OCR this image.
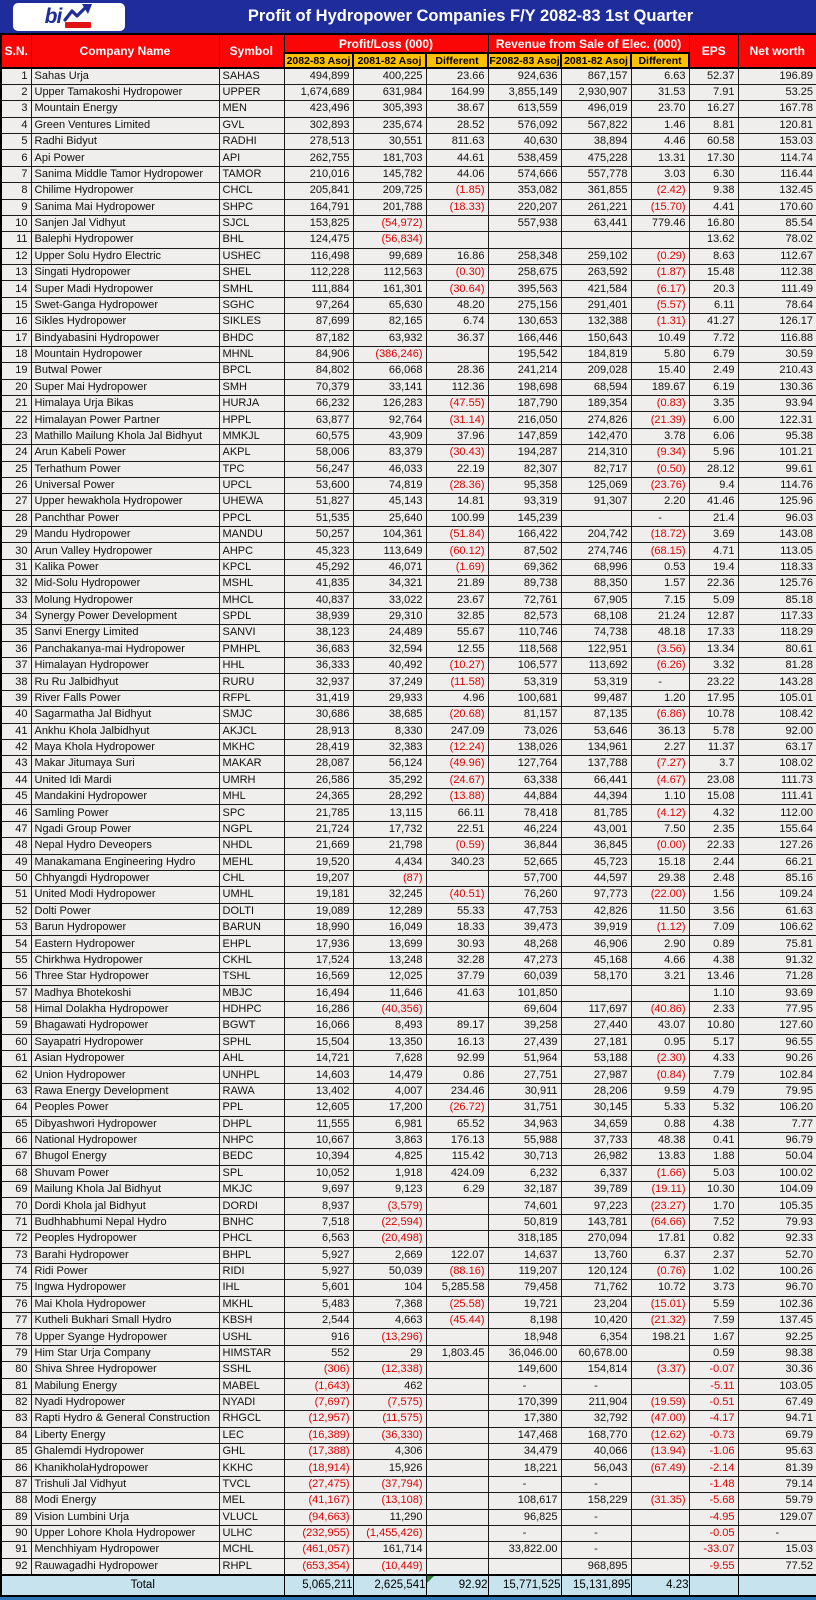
bi	Profit of Hydropower Companies F/Y 2082-83 1st Quarter
S.N.	Company Name	Symbol	Profit/Loss (000)			Revenue from Sale of Elec. (000)			EPS	Net worth
			2082-83 Asoj	2081-82 Asoj	Different	F2082-83 Asoj	2081-82 Asoj	Different		
1	Sahas Urja	SAHAS	494,899	400,225	23.66	924,636	867,157	6.63	52.37	196.89
2	Upper Tamakoshi Hydropower	UPPER	1,674,689	631,984	164.99	3,855,149	2,930,907	31.53	7.91	53.25
3	Mountain Energy	MEN	423,496	305,393	38.67	613,559	496,019	23.70	16.27	167.78
4	Green Ventures Limited	GVL	302,893	235,674	28.52	576,092	567,822	1.46	8.81	120.81
5	Radhi Bidyut	RADHI	278,513	30,551	811.63	40,630	38,894	4.46	60.58	153.03
6	Api Power	API	262,755	181,703	44.61	538,459	475,228	13.31	17.30	114.74
7	Sanima Middle Tamor Hydropower	TAMOR	210,016	145,782	44.06	574,666	557,778	3.03	6.30	116.44
8	Chilime Hydropower	CHCL	205,841	209,725	(1.85)	353,082	361,855	(2.42)	9.38	132.45
9	Sanima Mai Hydropower	SHPC	164,791	201,788	(18.33)	220,207	261,221	(15.70)	4.41	170.60
10	Sanjen Jal Vidhyut	SJCL	153,825	(54,972)		557,938	63,441	779.46	16.80	85.54
11	Balephi Hydropower	BHL	124,475	(56,834)					13.62	78.02
12	Upper Solu Hydro Electric	USHEC	116,498	99,689	16.86	258,348	259,102	(0.29)	8.63	112.67
13	Singati Hydropower	SHEL	112,228	112,563	(0.30)	258,675	263,592	(1.87)	15.48	112.38
14	Super Madi Hydropower	SMHL	111,884	161,301	(30.64)	395,563	421,584	(6.17)	20.3	111.49
15	Swet-Ganga Hydropower	SGHC	97,264	65,630	48.20	275,156	291,401	(5.57)	6.11	78.64
16	Sikles Hydropower	SIKLES	87,699	82,165	6.74	130,653	132,388	(1.31)	41.27	126.17
17	Bindyabasini Hydropower	BHDC	87,182	63,932	36.37	166,446	150,643	10.49	7.72	116.88
18	Mountain Hydropower	MHNL	84,906	(386,246)		195,542	184,819	5.80	6.79	30.59
19	Butwal Power	BPCL	84,802	66,068	28.36	241,214	209,028	15.40	2.49	210.43
20	Super Mai Hydropower	SMH	70,379	33,141	112.36	198,698	68,594	189.67	6.19	130.36
21	Himalaya Urja Bikas	HURJA	66,232	126,283	(47.55)	187,790	189,354	(0.83)	3.35	93.94
22	Himalayan Power Partner	HPPL	63,877	92,764	(31.14)	216,050	274,826	(21.39)	6.00	122.31
23	Mathillo Mailung Khola Jal Bidhyut	MMKJL	60,575	43,909	37.96	147,859	142,470	3.78	6.06	95.38
24	Arun Kabeli Power	AKPL	58,006	83,379	(30.43)	194,287	214,310	(9.34)	5.96	101.21
25	Terhathum Power	TPC	56,247	46,033	22.19	82,307	82,717	(0.50)	28.12	99.61
26	Universal Power	UPCL	53,600	74,819	(28.36)	95,358	125,069	(23.76)	9.4	114.76
27	Upper hewakhola Hydropower	UHEWA	51,827	45,143	14.81	93,319	91,307	2.20	41.46	125.96
28	Panchthar Power	PPCL	51,535	25,640	100.99	145,239		-	21.4	96.03
29	Mandu Hydropower	MANDU	50,257	104,361	(51.84)	166,422	204,742	(18.72)	3.69	143.08
30	Arun Valley Hydropower	AHPC	45,323	113,649	(60.12)	87,502	274,746	(68.15)	4.71	113.05
31	Kalika Power	KPCL	45,292	46,071	(1.69)	69,362	68,996	0.53	19.4	118.33
32	Mid-Solu Hydropower	MSHL	41,835	34,321	21.89	89,738	88,350	1.57	22.36	125.76
33	Molung Hydropower	MHCL	40,837	33,022	23.67	72,761	67,905	7.15	5.09	85.18
34	Synergy Power Development	SPDL	38,939	29,310	32.85	82,573	68,108	21.24	12.87	117.33
35	Sanvi Energy Limited	SANVI	38,123	24,489	55.67	110,746	74,738	48.18	17.33	118.29
36	Panchakanya-mai Hydropower	PMHPL	36,683	32,594	12.55	118,568	122,951	(3.56)	13.34	80.61
37	Himalayan Hydropower	HHL	36,333	40,492	(10.27)	106,577	113,692	(6.26)	3.32	81.28
38	Ru Ru Jalbidhyut	RURU	32,937	37,249	(11.58)	53,319	53,319	-	23.22	143.28
39	River Falls Power	RFPL	31,419	29,933	4.96	100,681	99,487	1.20	17.95	105.01
40	Sagarmatha Jal Bidhyut	SMJC	30,686	38,685	(20.68)	81,157	87,135	(6.86)	10.78	108.42
41	Ankhu Khola Jalbidhyut	AKJCL	28,913	8,330	247.09	73,026	53,646	36.13	5.78	92.00
42	Maya Khola Hydropower	MKHC	28,419	32,383	(12.24)	138,026	134,961	2.27	11.37	63.17
43	Makar Jitumaya Suri	MAKAR	28,087	56,124	(49.96)	127,764	137,788	(7.27)	3.7	108.02
44	United Idi Mardi	UMRH	26,586	35,292	(24.67)	63,338	66,441	(4.67)	23.08	111.73
45	Mandakini Hydropower	MHL	24,365	28,292	(13.88)	44,884	44,394	1.10	15.08	111.41
46	Samling Power	SPC	21,785	13,115	66.11	78,418	81,785	(4.12)	4.32	112.00
47	Ngadi Group Power	NGPL	21,724	17,732	22.51	46,224	43,001	7.50	2.35	155.64
48	Nepal Hydro Deveopers	NHDL	21,669	21,798	(0.59)	36,844	36,845	(0.00)	22.33	127.26
49	Manakamana Engineering Hydro	MEHL	19,520	4,434	340.23	52,665	45,723	15.18	2.44	66.21
50	Chhyangdi Hydropower	CHL	19,207	(87)		57,700	44,597	29.38	2.48	85.16
51	United Modi Hydropower	UMHL	19,181	32,245	(40.51)	76,260	97,773	(22.00)	1.56	109.24
52	Dolti Power	DOLTI	19,089	12,289	55.33	47,753	42,826	11.50	3.56	61.63
53	Barun Hydropower	BARUN	18,990	16,049	18.33	39,473	39,919	(1.12)	7.09	106.62
54	Eastern Hydropower	EHPL	17,936	13,699	30.93	48,268	46,906	2.90	0.89	75.81
55	Chirkhwa Hydropower	CKHL	17,524	13,248	32.28	47,273	45,168	4.66	4.38	91.32
56	Three Star Hydropower	TSHL	16,569	12,025	37.79	60,039	58,170	3.21	13.46	71.28
57	Madhya Bhotekoshi	MBJC	16,494	11,646	41.63	101,850			1.10	93.69
58	Himal Dolakha Hydropower	HDHPC	16,286	(40,356)		69,604	117,697	(40.86)	2.33	77.95
59	Bhagawati Hydropower	BGWT	16,066	8,493	89.17	39,258	27,440	43.07	10.80	127.60
60	Sayapatri Hydropower	SPHL	15,504	13,350	16.13	27,439	27,181	0.95	5.17	96.55
61	Asian Hydropower	AHL	14,721	7,628	92.99	51,964	53,188	(2.30)	4.33	90.26
62	Union Hydropower	UNHPL	14,603	14,479	0.86	27,751	27,987	(0.84)	7.79	102.84
63	Rawa Energy Development	RAWA	13,402	4,007	234.46	30,911	28,206	9.59	4.79	79.95
64	Peoples Power	PPL	12,605	17,200	(26.72)	31,751	30,145	5.33	5.32	106.20
65	Dibyashwori Hydropower	DHPL	11,555	6,981	65.52	34,963	34,659	0.88	4.38	7.77
66	National Hydropower	NHPC	10,667	3,863	176.13	55,988	37,733	48.38	0.41	96.79
67	Bhugol Energy	BEDC	10,394	4,825	115.42	30,713	26,982	13.83	1.88	50.04
68	Shuvam Power	SPL	10,052	1,918	424.09	6,232	6,337	(1.66)	5.03	100.02
69	Mailung Khola Jal Bidhyut	MKJC	9,697	9,123	6.29	32,187	39,789	(19.11)	10.30	104.09
70	Dordi Khola jal Bidhyut	DORDI	8,937	(3,579)		74,601	97,223	(23.27)	1.70	105.35
71	Budhhabhumi Nepal Hydro	BNHC	7,518	(22,594)		50,819	143,781	(64.66)	7.52	79.93
72	Peoples Hydropower	PHCL	6,563	(20,498)		318,185	270,094	17.81	0.82	92.33
73	Barahi Hydropower	BHPL	5,927	2,669	122.07	14,637	13,760	6.37	2.37	52.70
74	Ridi Power	RIDI	5,927	50,039	(88.16)	119,207	120,124	(0.76)	1.02	100.26
75	Ingwa Hydropower	IHL	5,601	104	5,285.58	79,458	71,762	10.72	3.73	96.70
76	Mai Khola Hydropower	MKHL	5,483	7,368	(25.58)	19,721	23,204	(15.01)	5.59	102.36
77	Kutheli Bukhari Small Hydro	KBSH	2,544	4,663	(45.44)	8,198	10,420	(21.32)	7.59	137.45
78	Upper Syange Hydropower	USHL	916	(13,296)		18,948	6,354	198.21	1.67	92.25
79	Him Star Urja Company	HIMSTAR	552	29	1,803.45	36,046.00	60,678.00		0.59	98.38
80	Shiva Shree Hydropower	SSHL	(306)	(12,338)		149,600	154,814	(3.37)	-0.07	30.36
81	Mabilung Energy	MABEL	(1,643)	462		-	-		-5.11	103.05
82	Nyadi Hydropower	NYADI	(7,697)	(7,575)		170,399	211,904	(19.59)	-0.51	67.49
83	Rapti Hydro & General Construction	RHGCL	(12,957)	(11,575)		17,380	32,792	(47.00)	-4.17	94.71
84	Liberty Energy	LEC	(16,389)	(36,330)		147,468	168,770	(12.62)	-0.73	69.79
85	Ghalemdi Hydropower	GHL	(17,388)	4,306		34,479	40,066	(13.94)	-1.06	95.63
86	KhanikholaHydropower	KKHC	(18,914)	15,926		18,221	56,043	(67.49)	-2.14	81.39
87	Trishuli Jal Vidhyut	TVCL	(27,475)	(37,794)		-	-		-1.48	79.14
88	Modi Energy	MEL	(41,167)	(13,108)		108,617	158,229	(31.35)	-5.68	59.79
89	Vision Lumbini Urja	VLUCL	(94,663)	11,290		96,825	-		-4.95	129.07
90	Upper Lohore Khola Hydropower	ULHC	(232,955)	(1,455,426)		-	-		-0.05	-
91	Menchhiyam Hydropower	MCHL	(461,057)	161,714		33,822.00	-		-33.07	15.03
92	Rauwagadhi Hydropower	RHPL	(653,354)	(10,449)			968,895		-9.55	77.52
Total			5,065,211	2,625,541	92.92	15,771,525	15,131,895	4.23		
